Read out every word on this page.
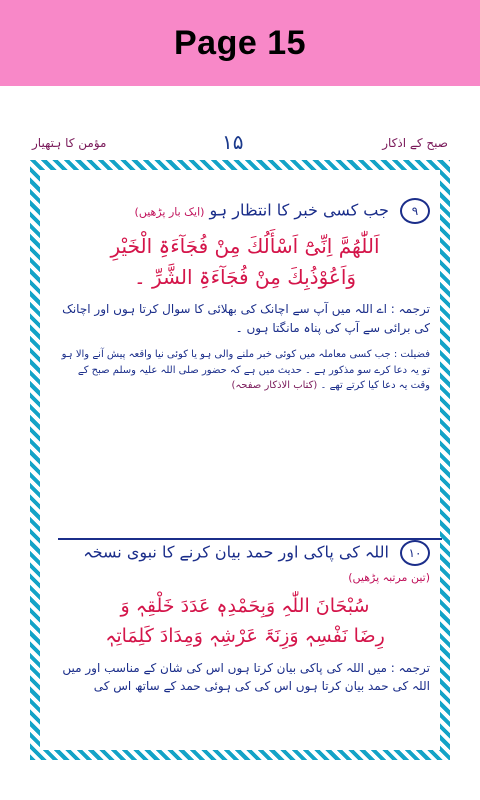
Page 15
مؤمن کا ہتھیار	۱۵	صبح کے اذکار
۹ جب کسی خبر کا انتظار ہو (ایک بار پڑھیں)
اَللّٰھُمَّ اِنِّیْٓ اَسْأَلُكَ مِنْ فُجَآءَۃِ الْخَیْرِ
وَاَعُوْذُبِكَ مِنْ فُجَآءَۃِ الشَّرِّ ۔
ترجمہ : اے اللہ میں آپ سے اچانک کی بھلائی کا سوال کرتا ہوں اور اچانک کی برائی سے آپ کی پناہ مانگتا ہوں ۔
فضیلت : جب کسی معاملہ میں کوئی خبر ملنے والی ہو یا کوئی نیا واقعہ پیش آنے والا ہو تو یہ دعا کرے سو مذکور ہے ۔ حدیث میں ہے کہ حضور صلی اللہ علیہ وسلم صبح کے وقت یہ دعا کیا کرتے تھے ۔ (کتاب الاذکار صفحہ)
۱۰ اللہ کی پاکی اور حمد بیان کرنے کا نبوی نسخہ (تین مرتبہ پڑھیں)
سُبْحَانَ اللّٰہِ وَبِحَمْدِہٖ عَدَدَ خَلْقِہٖ وَ
رِضَا نَفْسِہٖ وَزِنَۃَ عَرْشِہٖ وَمِدَادَ کَلِمَاتِہٖ
ترجمہ : میں اللہ کی پاکی بیان کرتا ہوں اس کی شان کے مناسب اور میں اللہ کی حمد بیان کرتا ہوں اس کی کی ہوئی حمد کے ساتھ اس کی
